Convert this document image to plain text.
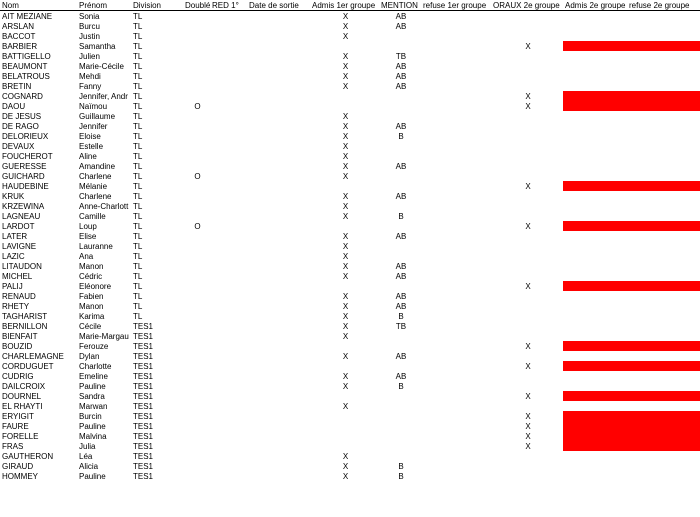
Nom	Prénom	Division	Doublé	RED 1°	Date de sortie	Admis 1er groupe	MENTION	refuse 1er groupe	ORAUX 2e groupe	Admis 2e groupe	refuse 2e groupe
AIT MEZIANE	Sonia	TL				X	AB				
ARSLAN	Burcu	TL				X	AB				
BACCOT	Justin	TL				X					
BARBIER	Samantha	TL							X		
BATTIGELLO	Julien	TL				X	TB				
BEAUMONT	Marie-Cécile	TL				X	AB				
BELATROUS	Mehdi	TL				X	AB				
BRETIN	Fanny	TL				X	AB				
COGNARD	Jennifer, Andr	TL							X		
DAOU	Naïmou	TL	O						X		
DE JESUS	Guillaume	TL				X					
DE RAGO	Jennifer	TL				X	AB				
DELORIEUX	Eloise	TL				X	B				
DEVAUX	Estelle	TL				X					
FOUCHEROT	Aline	TL				X					
GUERESSE	Amandine	TL				X	AB				
GUICHARD	Charlene	TL	O			X					
HAUDEBINE	Mélanie	TL							X		
KRUK	Charlene	TL				X	AB				
KRZEWINA	Anne-Charlott	TL				X					
LAGNEAU	Camille	TL				X	B				
LARDOT	Loup	TL	O						X		
LATER	Elise	TL				X	AB				
LAVIGNE	Lauranne	TL				X					
LAZIC	Ana	TL				X					
LITAUDON	Manon	TL				X	AB				
MICHEL	Cédric	TL				X	AB				
PALIJ	Eléonore	TL							X		
RENAUD	Fabien	TL				X	AB				
RHETY	Manon	TL				X	AB				
TAGHARIST	Karima	TL				X	B				
BERNILLON	Cécile	TES1				X	TB				
BIENFAIT	Marie-Margau	TES1				X					
BOUZID	Ferouze	TES1							X		
CHARLEMAGNE	Dylan	TES1				X	AB				
CORDUGUET	Charlotte	TES1							X		
CUDRIG	Emeline	TES1				X	AB				
DAILCROIX	Pauline	TES1				X	B				
DOURNEL	Sandra	TES1							X		
EL RHAYTI	Marwan	TES1				X					
ERYIGIT	Burcin	TES1							X		
FAURE	Pauline	TES1							X		
FORELLE	Malvina	TES1							X		
FRAS	Julia	TES1							X		
GAUTHERON	Léa	TES1				X					
GIRAUD	Alicia	TES1				X	B				
HOMMEY	Pauline	TES1				X	B				
